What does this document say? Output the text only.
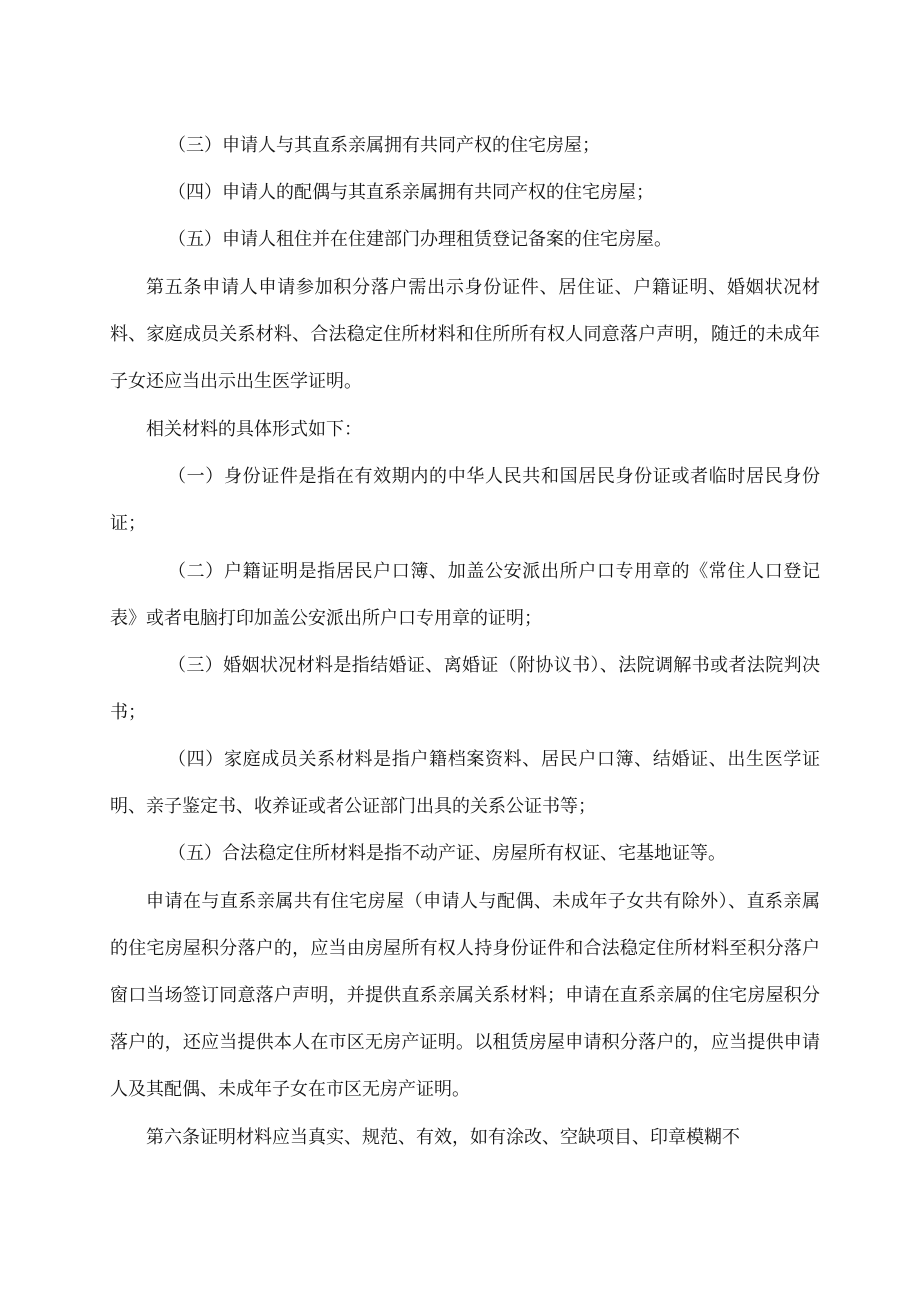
（三）申请人与其直系亲属拥有共同产权的住宅房屋；

（四）申请人的配偶与其直系亲属拥有共同产权的住宅房屋；

（五）申请人租住并在住建部门办理租赁登记备案的住宅房屋。

第五条申请人申请参加积分落户需出示身份证件、居住证、户籍证明、婚姻状况材料、家庭成员关系材料、合法稳定住所材料和住所所有权人同意落户声明，随迁的未成年子女还应当出示出生医学证明。

相关材料的具体形式如下：

（一）身份证件是指在有效期内的中华人民共和国居民身份证或者临时居民身份证；

（二）户籍证明是指居民户口簿、加盖公安派出所户口专用章的《常住人口登记表》或者电脑打印加盖公安派出所户口专用章的证明；

（三）婚姻状况材料是指结婚证、离婚证（附协议书）、法院调解书或者法院判决书；

（四）家庭成员关系材料是指户籍档案资料、居民户口簿、结婚证、出生医学证明、亲子鉴定书、收养证或者公证部门出具的关系公证书等；

（五）合法稳定住所材料是指不动产证、房屋所有权证、宅基地证等。

申请在与直系亲属共有住宅房屋（申请人与配偶、未成年子女共有除外）、直系亲属的住宅房屋积分落户的，应当由房屋所有权人持身份证件和合法稳定住所材料至积分落户窗口当场签订同意落户声明，并提供直系亲属关系材料；申请在直系亲属的住宅房屋积分落户的，还应当提供本人在市区无房产证明。以租赁房屋申请积分落户的，应当提供申请人及其配偶、未成年子女在市区无房产证明。

第六条证明材料应当真实、规范、有效，如有涂改、空缺项目、印章模糊不
